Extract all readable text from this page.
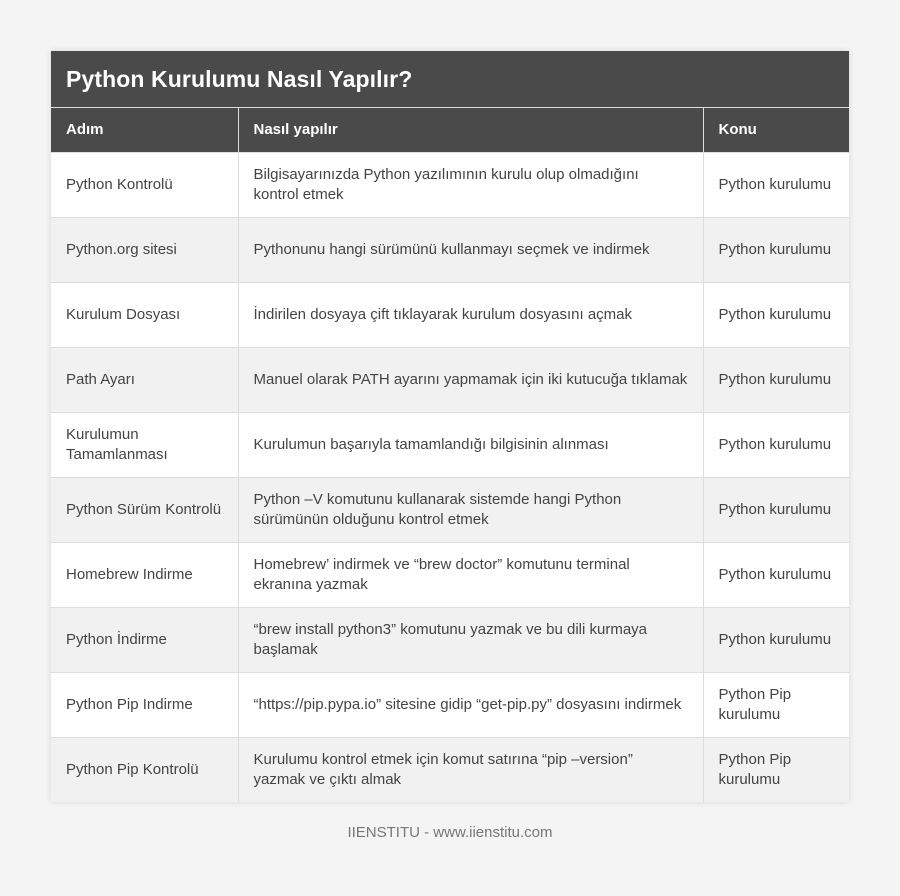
Python Kurulumu Nasıl Yapılır?
Adım	Nasıl yapılır	Konu
Python Kontrolü	Bilgisayarınızda Python yazılımının kurulu olup olmadığını kontrol etmek	Python kurulumu
Python.org sitesi	Pythonunu hangi sürümünü kullanmayı seçmek ve indirmek	Python kurulumu
Kurulum Dosyası	İndirilen dosyaya çift tıklayarak kurulum dosyasını açmak	Python kurulumu
Path Ayarı	Manuel olarak PATH ayarını yapmamak için iki kutucuğa tıklamak	Python kurulumu
Kurulumun Tamamlanması	Kurulumun başarıyla tamamlandığı bilgisinin alınması	Python kurulumu
Python Sürüm Kontrolü	Python –V komutunu kullanarak sistemde hangi Python sürümünün olduğunu kontrol etmek	Python kurulumu
Homebrew Indirme	Homebrew’ indirmek ve “brew doctor” komutunu terminal ekranına yazmak	Python kurulumu
Python İndirme	“brew install python3” komutunu yazmak ve bu dili kurmaya başlamak	Python kurulumu
Python Pip Indirme	“https://pip.pypa.io” sitesine gidip “get-pip.py” dosyasını indirmek	Python Pip kurulumu
Python Pip Kontrolü	Kurulumu kontrol etmek için komut satırına “pip –version” yazmak ve çıktı almak	Python Pip kurulumu
IIENSTITU - www.iienstitu.com
